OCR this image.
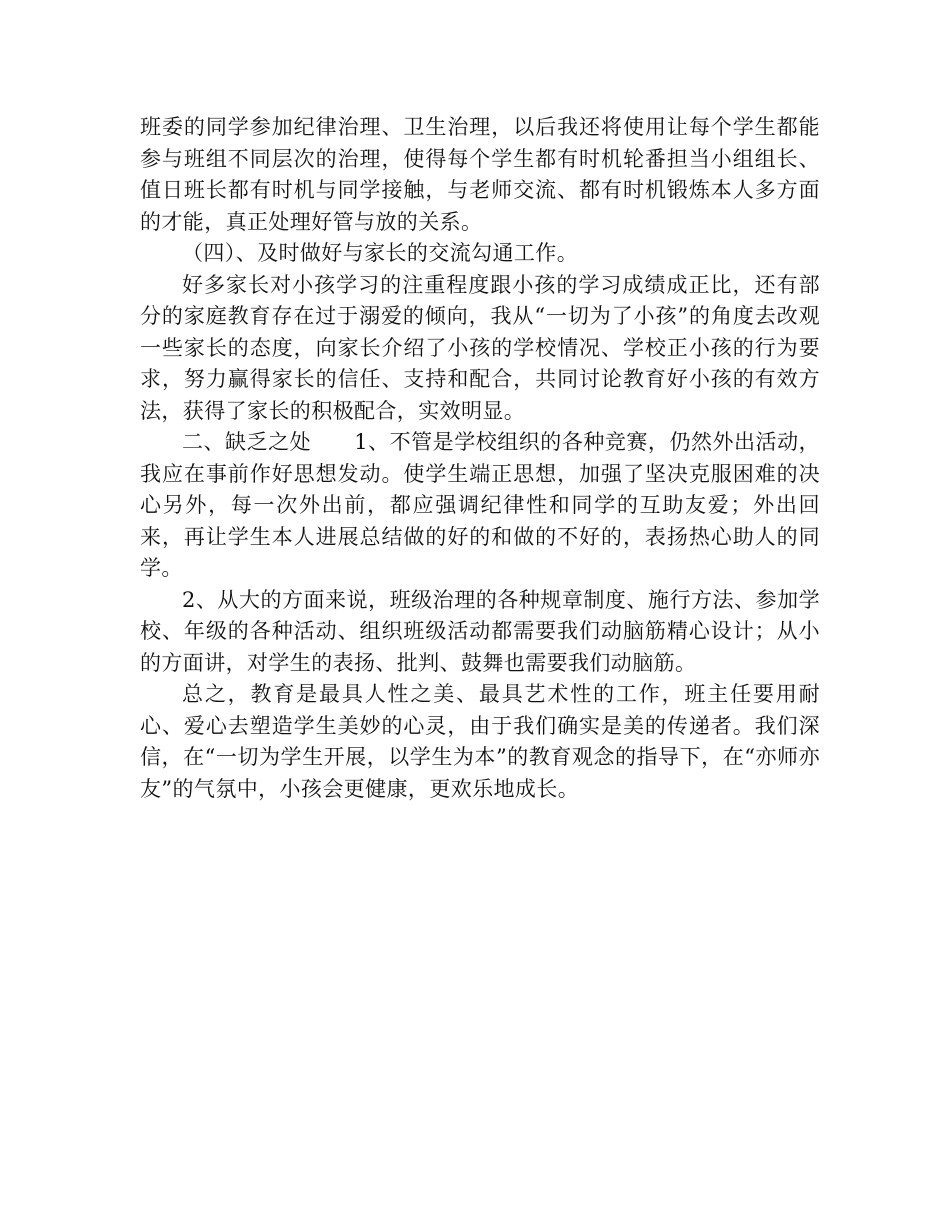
班委的同学参加纪律治理、卫生治理，以后我还将使用让每个学生都能参与班组不同层次的治理，使得每个学生都有时机轮番担当小组组长、值日班长都有时机与同学接触，与老师交流、都有时机锻炼本人多方面的才能，真正处理好管与放的关系。

（四）、及时做好与家长的交流勾通工作。

好多家长对小孩学习的注重程度跟小孩的学习成绩成正比，还有部分的家庭教育存在过于溺爱的倾向，我从“一切为了小孩”的角度去改观一些家长的态度，向家长介绍了小孩的学校情况、学校正小孩的行为要求，努力赢得家长的信任、支持和配合，共同讨论教育好小孩的有效方法，获得了家长的积极配合，实效明显。

二、缺乏之处　　1、不管是学校组织的各种竞赛，仍然外出活动，我应在事前作好思想发动。使学生端正思想，加强了坚决克服困难的决心另外，每一次外出前，都应强调纪律性和同学的互助友爱；外出回来，再让学生本人进展总结做的好的和做的不好的，表扬热心助人的同学。

2、从大的方面来说，班级治理的各种规章制度、施行方法、参加学校、年级的各种活动、组织班级活动都需要我们动脑筋精心设计；从小的方面讲，对学生的表扬、批判、鼓舞也需要我们动脑筋。

总之，教育是最具人性之美、最具艺术性的工作，班主任要用耐心、爱心去塑造学生美妙的心灵，由于我们确实是美的传递者。我们深信，在“一切为学生开展，以学生为本”的教育观念的指导下，在“亦师亦友”的气氛中，小孩会更健康，更欢乐地成长。
